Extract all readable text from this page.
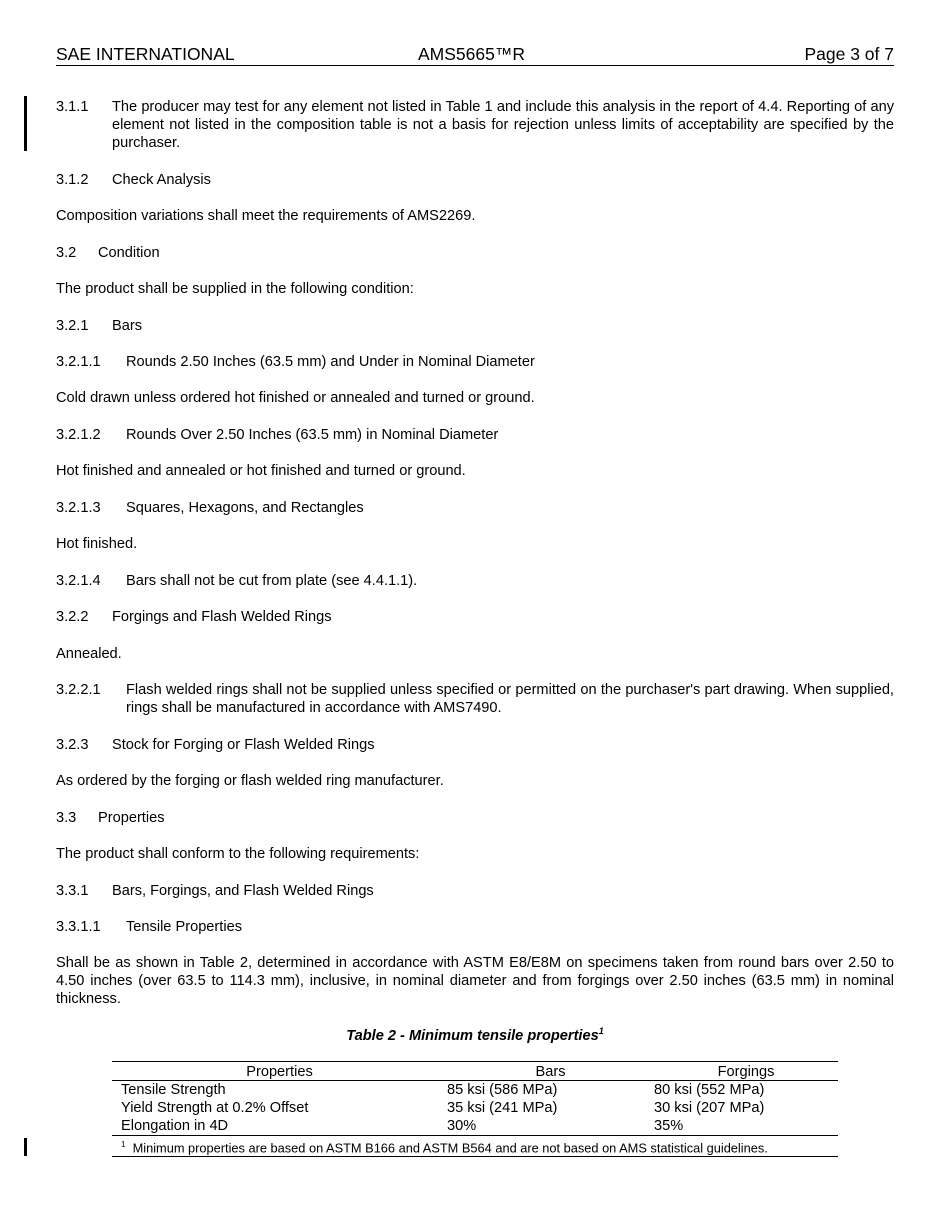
SAE INTERNATIONAL	AMS5665™R	Page 3 of 7
3.1.1	The producer may test for any element not listed in Table 1 and include this analysis in the report of 4.4. Reporting of any element not listed in the composition table is not a basis for rejection unless limits of acceptability are specified by the purchaser.
3.1.2 Check Analysis
Composition variations shall meet the requirements of AMS2269.
3.2 Condition
The product shall be supplied in the following condition:
3.2.1 Bars
3.2.1.1 Rounds 2.50 Inches (63.5 mm) and Under in Nominal Diameter
Cold drawn unless ordered hot finished or annealed and turned or ground.
3.2.1.2 Rounds Over 2.50 Inches (63.5 mm) in Nominal Diameter
Hot finished and annealed or hot finished and turned or ground.
3.2.1.3 Squares, Hexagons, and Rectangles
Hot finished.
3.2.1.4 Bars shall not be cut from plate (see 4.4.1.1).
3.2.2 Forgings and Flash Welded Rings
Annealed.
3.2.2.1	Flash welded rings shall not be supplied unless specified or permitted on the purchaser's part drawing. When supplied, rings shall be manufactured in accordance with AMS7490.
3.2.3 Stock for Forging or Flash Welded Rings
As ordered by the forging or flash welded ring manufacturer.
3.3 Properties
The product shall conform to the following requirements:
3.3.1 Bars, Forgings, and Flash Welded Rings
3.3.1.1 Tensile Properties
Shall be as shown in Table 2, determined in accordance with ASTM E8/E8M on specimens taken from round bars over 2.50 to 4.50 inches (over 63.5 to 114.3 mm), inclusive, in nominal diameter and from forgings over 2.50 inches (63.5 mm) in nominal thickness.
Table 2 - Minimum tensile properties$^1$
Properties	Bars	Forgings
Tensile Strength	85 ksi (586 MPa)	80 ksi (552 MPa)
Yield Strength at 0.2% Offset	35 ksi (241 MPa)	30 ksi (207 MPa)
Elongation in 4D	30%	35%
$^1$ Minimum properties are based on ASTM B166 and ASTM B564 and are not based on AMS statistical guidelines.		
